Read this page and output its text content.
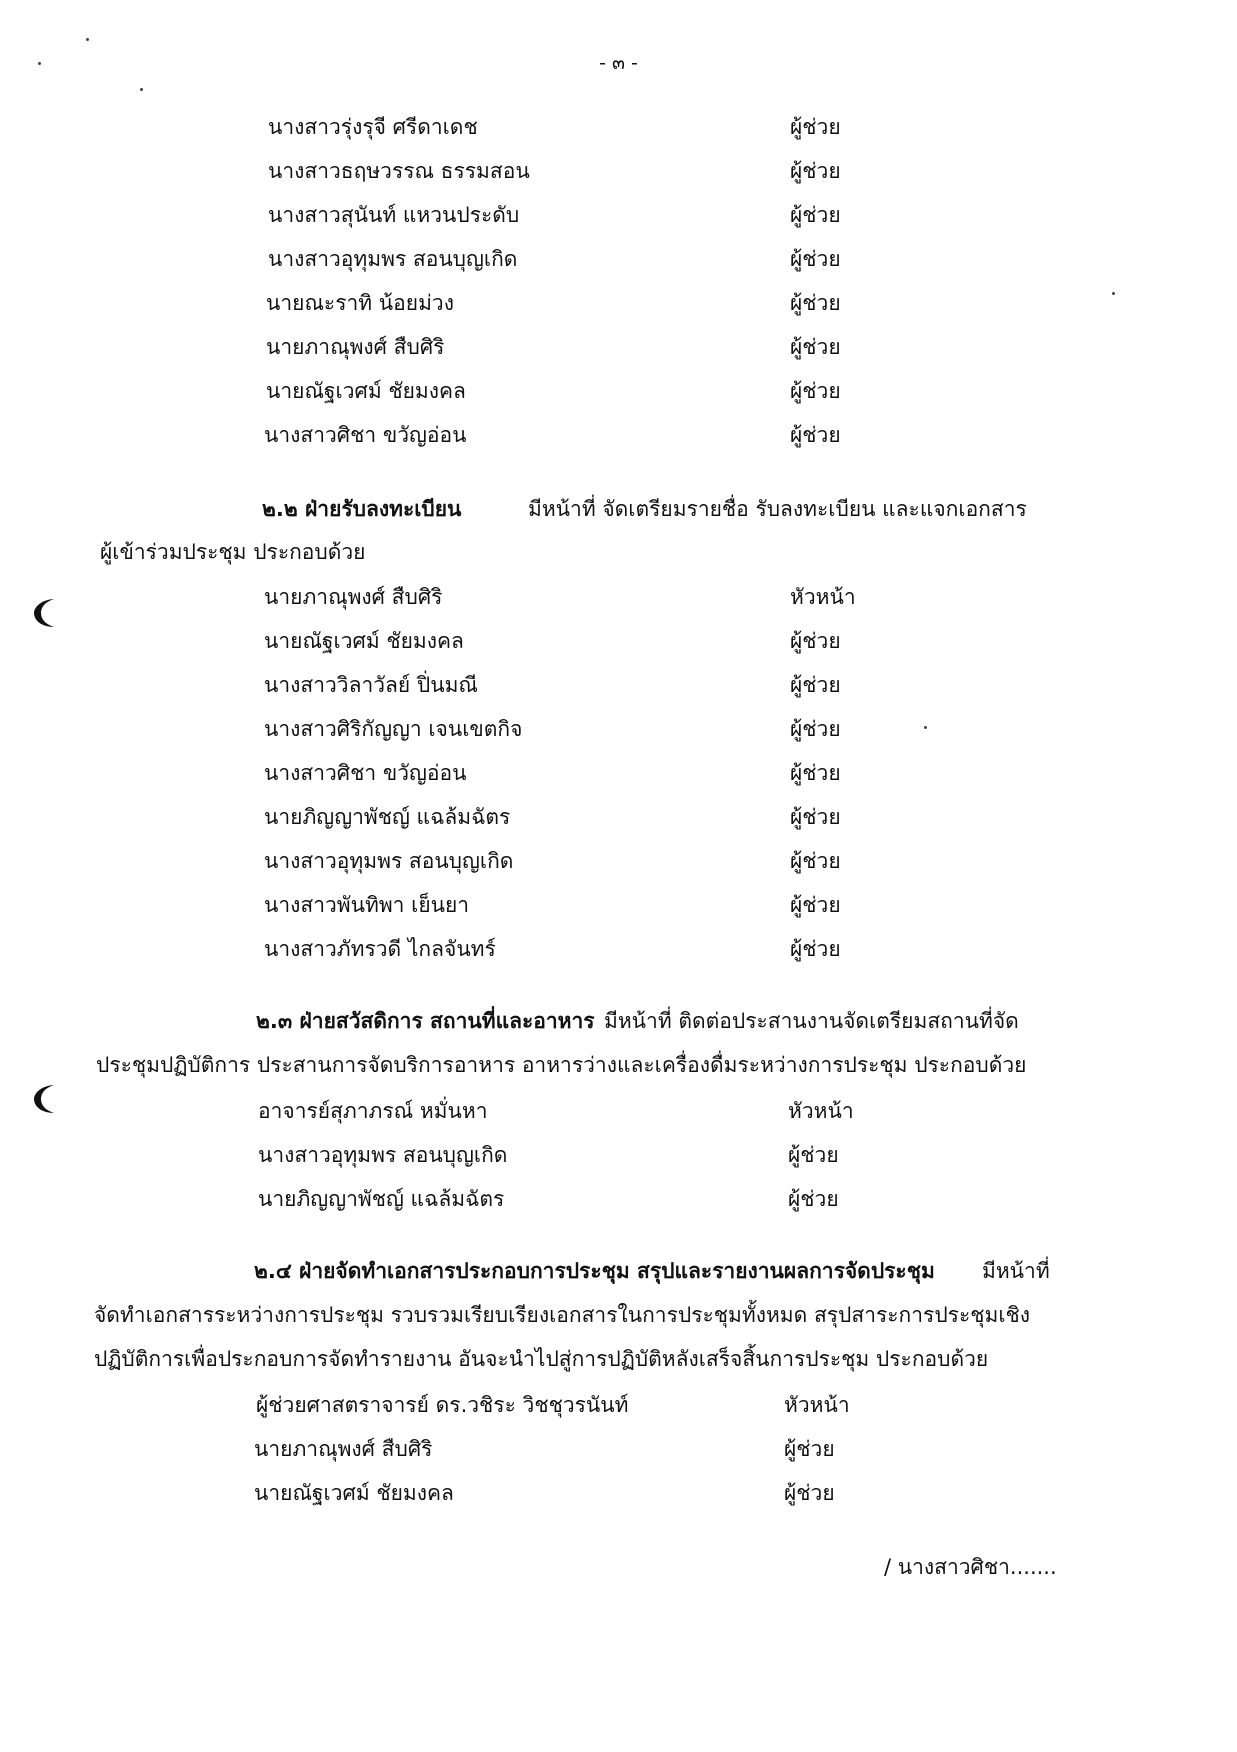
- ๓ -
นางสาวรุ่งรุจี ศรีดาเดช	ผู้ช่วย
นางสาวธฤษวรรณ ธรรมสอน	ผู้ช่วย
นางสาวสุนันท์ แหวนประดับ	ผู้ช่วย
นางสาวอุทุมพร สอนบุญเกิด	ผู้ช่วย
นายณะราทิ น้อยม่วง	ผู้ช่วย
นายภาณุพงศ์ สืบศิริ	ผู้ช่วย
นายณัฐเวศม์ ชัยมงคล	ผู้ช่วย
นางสาวศิชา ขวัญอ่อน	ผู้ช่วย
๒.๒ ฝ่ายรับลงทะเบียน	มีหน้าที่ จัดเตรียมรายชื่อ รับลงทะเบียน และแจกเอกสาร
ผู้เข้าร่วมประชุม ประกอบด้วย
นายภาณุพงศ์ สืบศิริ	หัวหน้า
นายณัฐเวศม์ ชัยมงคล	ผู้ช่วย
นางสาววิลาวัลย์ ปิ่นมณี	ผู้ช่วย
นางสาวศิริกัญญา เจนเขตกิจ	ผู้ช่วย
นางสาวศิชา ขวัญอ่อน	ผู้ช่วย
นายภิญญาพัชญ์ แฉล้มฉัตร	ผู้ช่วย
นางสาวอุทุมพร สอนบุญเกิด	ผู้ช่วย
นางสาวพันทิพา เย็นยา	ผู้ช่วย
นางสาวภัทรวดี ไกลจันทร์	ผู้ช่วย
๒.๓ ฝ่ายสวัสดิการ สถานที่และอาหาร มีหน้าที่ ติดต่อประสานงานจัดเตรียมสถานที่จัด
ประชุมปฏิบัติการ ประสานการจัดบริการอาหาร อาหารว่างและเครื่องดื่มระหว่างการประชุม ประกอบด้วย
อาจารย์สุภาภรณ์ หมั่นหา	หัวหน้า
นางสาวอุทุมพร สอนบุญเกิด	ผู้ช่วย
นายภิญญาพัชญ์ แฉล้มฉัตร	ผู้ช่วย
๒.๔ ฝ่ายจัดทำเอกสารประกอบการประชุม สรุปและรายงานผลการจัดประชุม มีหน้าที่
จัดทำเอกสารระหว่างการประชุม รวบรวมเรียบเรียงเอกสารในการประชุมทั้งหมด สรุปสาระการประชุมเชิง
ปฏิบัติการเพื่อประกอบการจัดทำรายงาน อันจะนำไปสู่การปฏิบัติหลังเสร็จสิ้นการประชุม ประกอบด้วย
ผู้ช่วยศาสตราจารย์ ดร.วชิระ วิชชุวรนันท์	หัวหน้า
นายภาณุพงศ์ สืบศิริ	ผู้ช่วย
นายณัฐเวศม์ ชัยมงคล	ผู้ช่วย
/ นางสาวศิชา.......
